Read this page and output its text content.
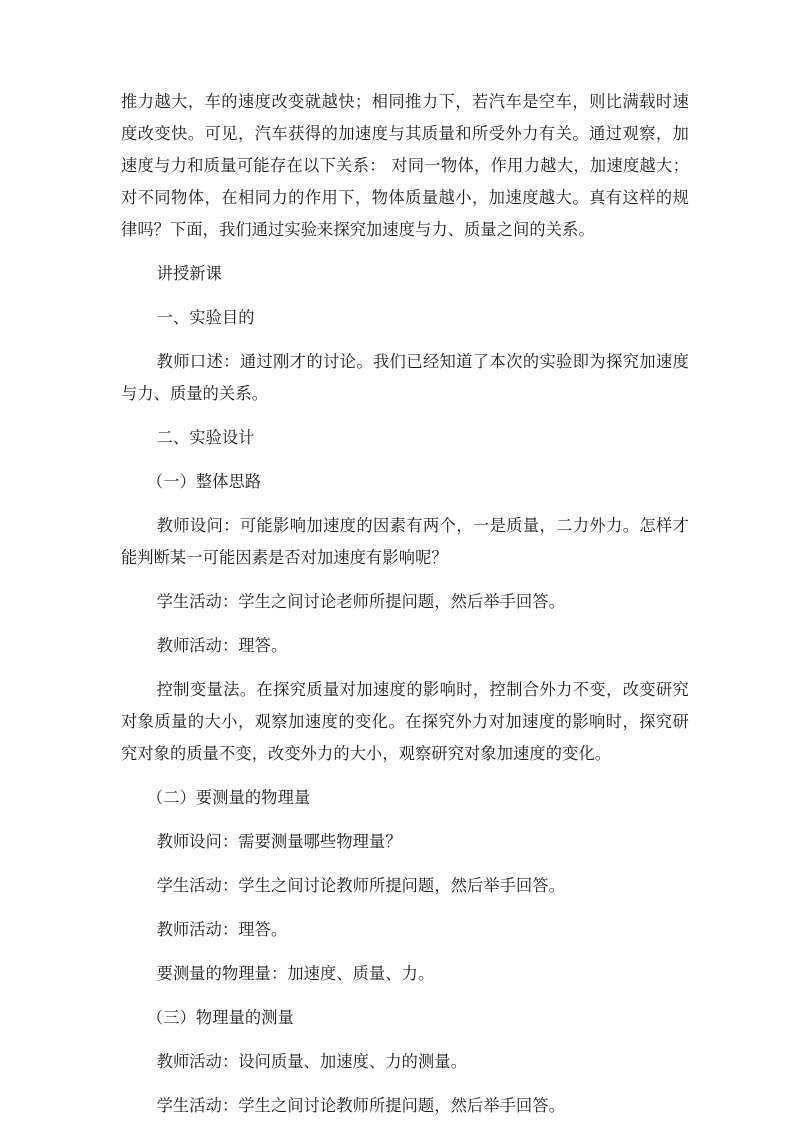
推力越大，车的速度改变就越快；相同推力下，若汽车是空车，则比满载时速度改变快。可见，汽车获得的加速度与其质量和所受外力有关。通过观察，加速度与力和质量可能存在以下关系： 对同一物体，作用力越大，加速度越大；对不同物体，在相同力的作用下，物体质量越小，加速度越大。真有这样的规律吗？下面，我们通过实验来探究加速度与力、质量之间的关系。

讲授新课

一、实验目的

教师口述：通过刚才的讨论。我们已经知道了本次的实验即为探究加速度与力、质量的关系。

二、实验设计

（一）整体思路

教师设问：可能影响加速度的因素有两个，一是质量，二力外力。怎样才能判断某一可能因素是否对加速度有影响呢？

学生活动：学生之间讨论老师所提问题，然后举手回答。

教师活动：理答。

控制变量法。在探究质量对加速度的影响时，控制合外力不变，改变研究对象质量的大小，观察加速度的变化。在探究外力对加速度的影响时，探究研究对象的质量不变，改变外力的大小，观察研究对象加速度的变化。

（二）要测量的物理量

教师设问：需要测量哪些物理量？

学生活动：学生之间讨论教师所提问题，然后举手回答。

教师活动：理答。

要测量的物理量：加速度、质量、力。

（三）物理量的测量

教师活动：设问质量、加速度、力的测量。

学生活动：学生之间讨论教师所提问题，然后举手回答。
